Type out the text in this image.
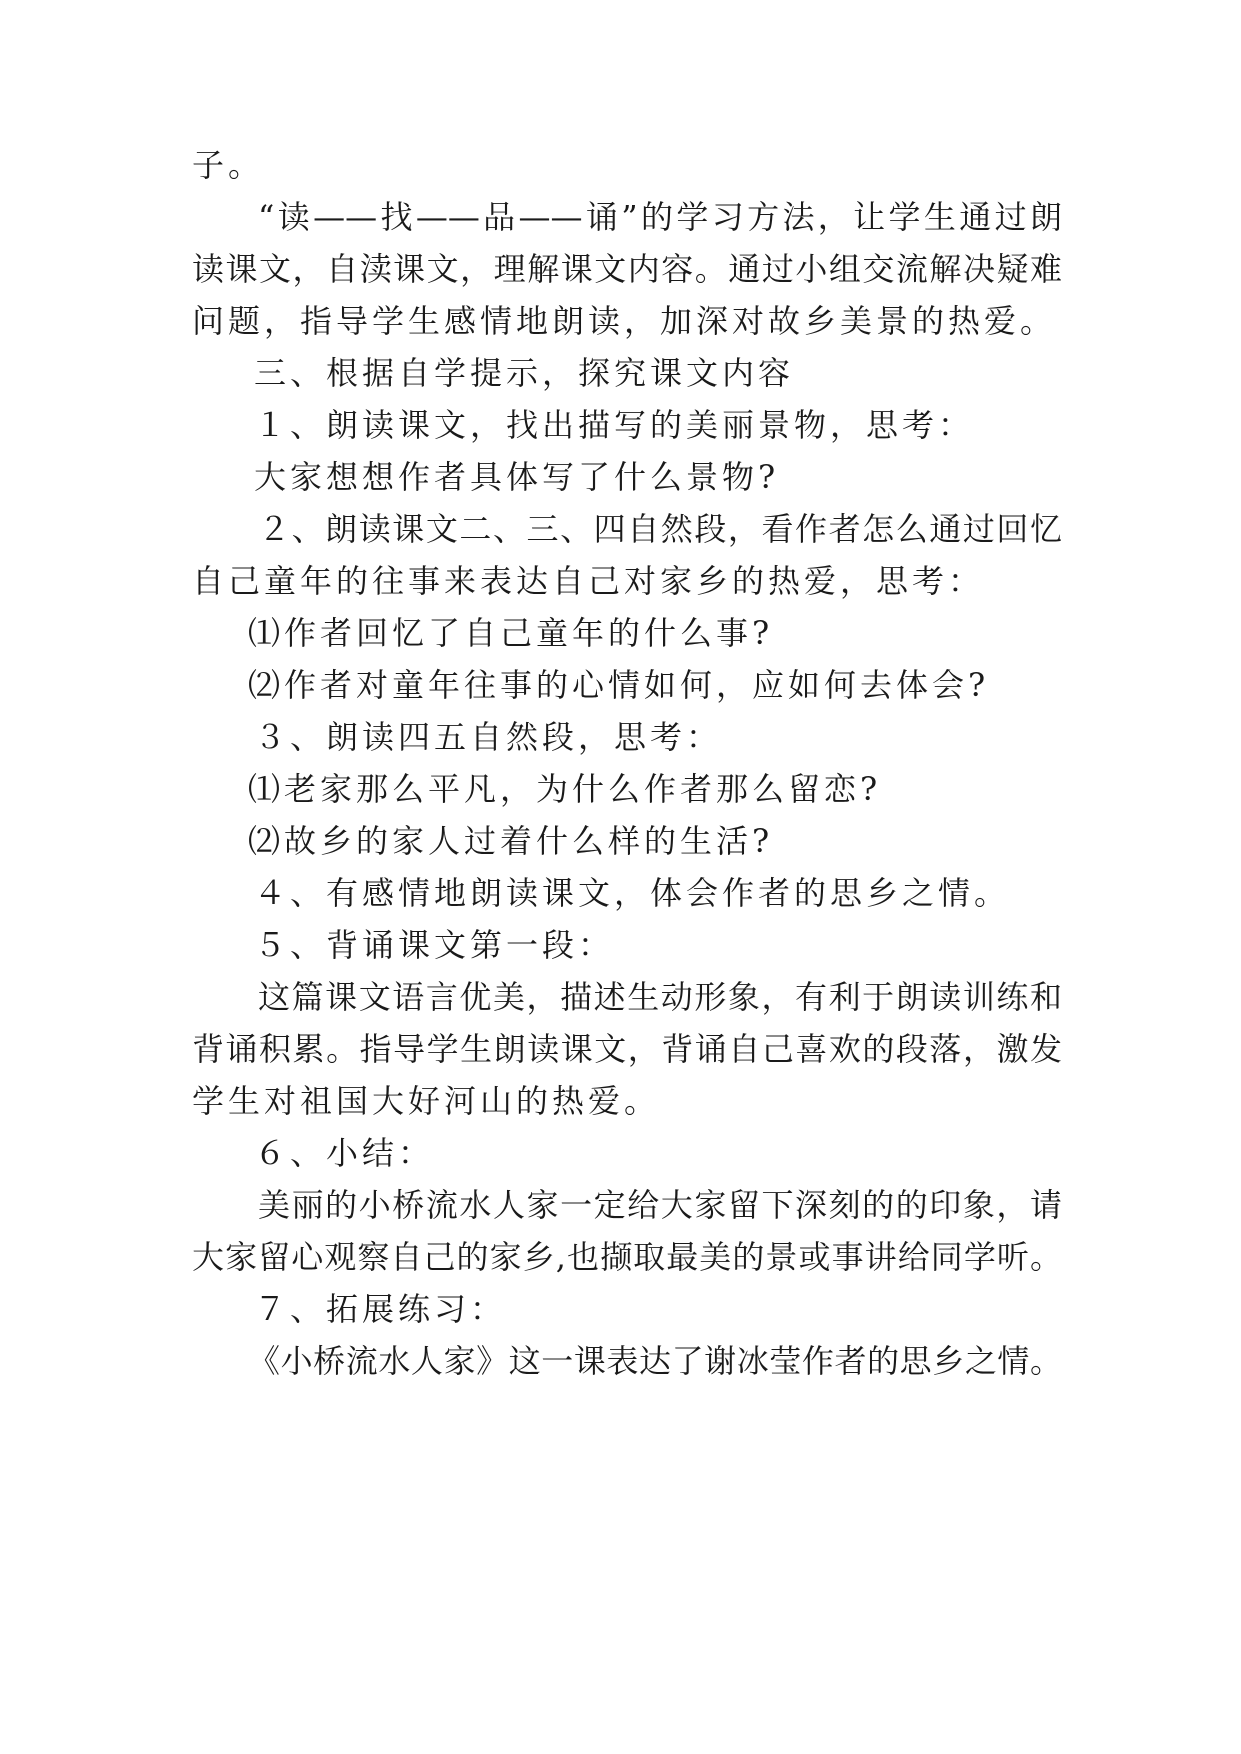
子。
“读——找——品——诵”的学习方法，让学生通过朗
读课文，自渎课文，理解课文内容。通过小组交流解决疑难
问题，指导学生感情地朗读，加深对故乡美景的热爱。
三、根据自学提示，探究课文内容
１、朗读课文，找出描写的美丽景物，思考：
大家想想作者具体写了什么景物?
２、朗读课文二、三、四自然段，看作者怎么通过回忆
自己童年的往事来表达自己对家乡的热爱，思考：
⑴作者回忆了自己童年的什么事?
⑵作者对童年往事的心情如何，应如何去体会?
３、朗读四五自然段，思考：
⑴老家那么平凡，为什么作者那么留恋?
⑵故乡的家人过着什么样的生活?
４、有感情地朗读课文，体会作者的思乡之情。
５、背诵课文第一段：
这篇课文语言优美，描述生动形象，有利于朗读训练和
背诵积累。指导学生朗读课文，背诵自己喜欢的段落，激发
学生对祖国大好河山的热爱。
６、小结：
美丽的小桥流水人家一定给大家留下深刻的的印象，请
大家留心观察自己的家乡,也撷取最美的景或事讲给同学听。
７、拓展练习：
《小桥流水人家》这一课表达了谢冰莹作者的思乡之情。
